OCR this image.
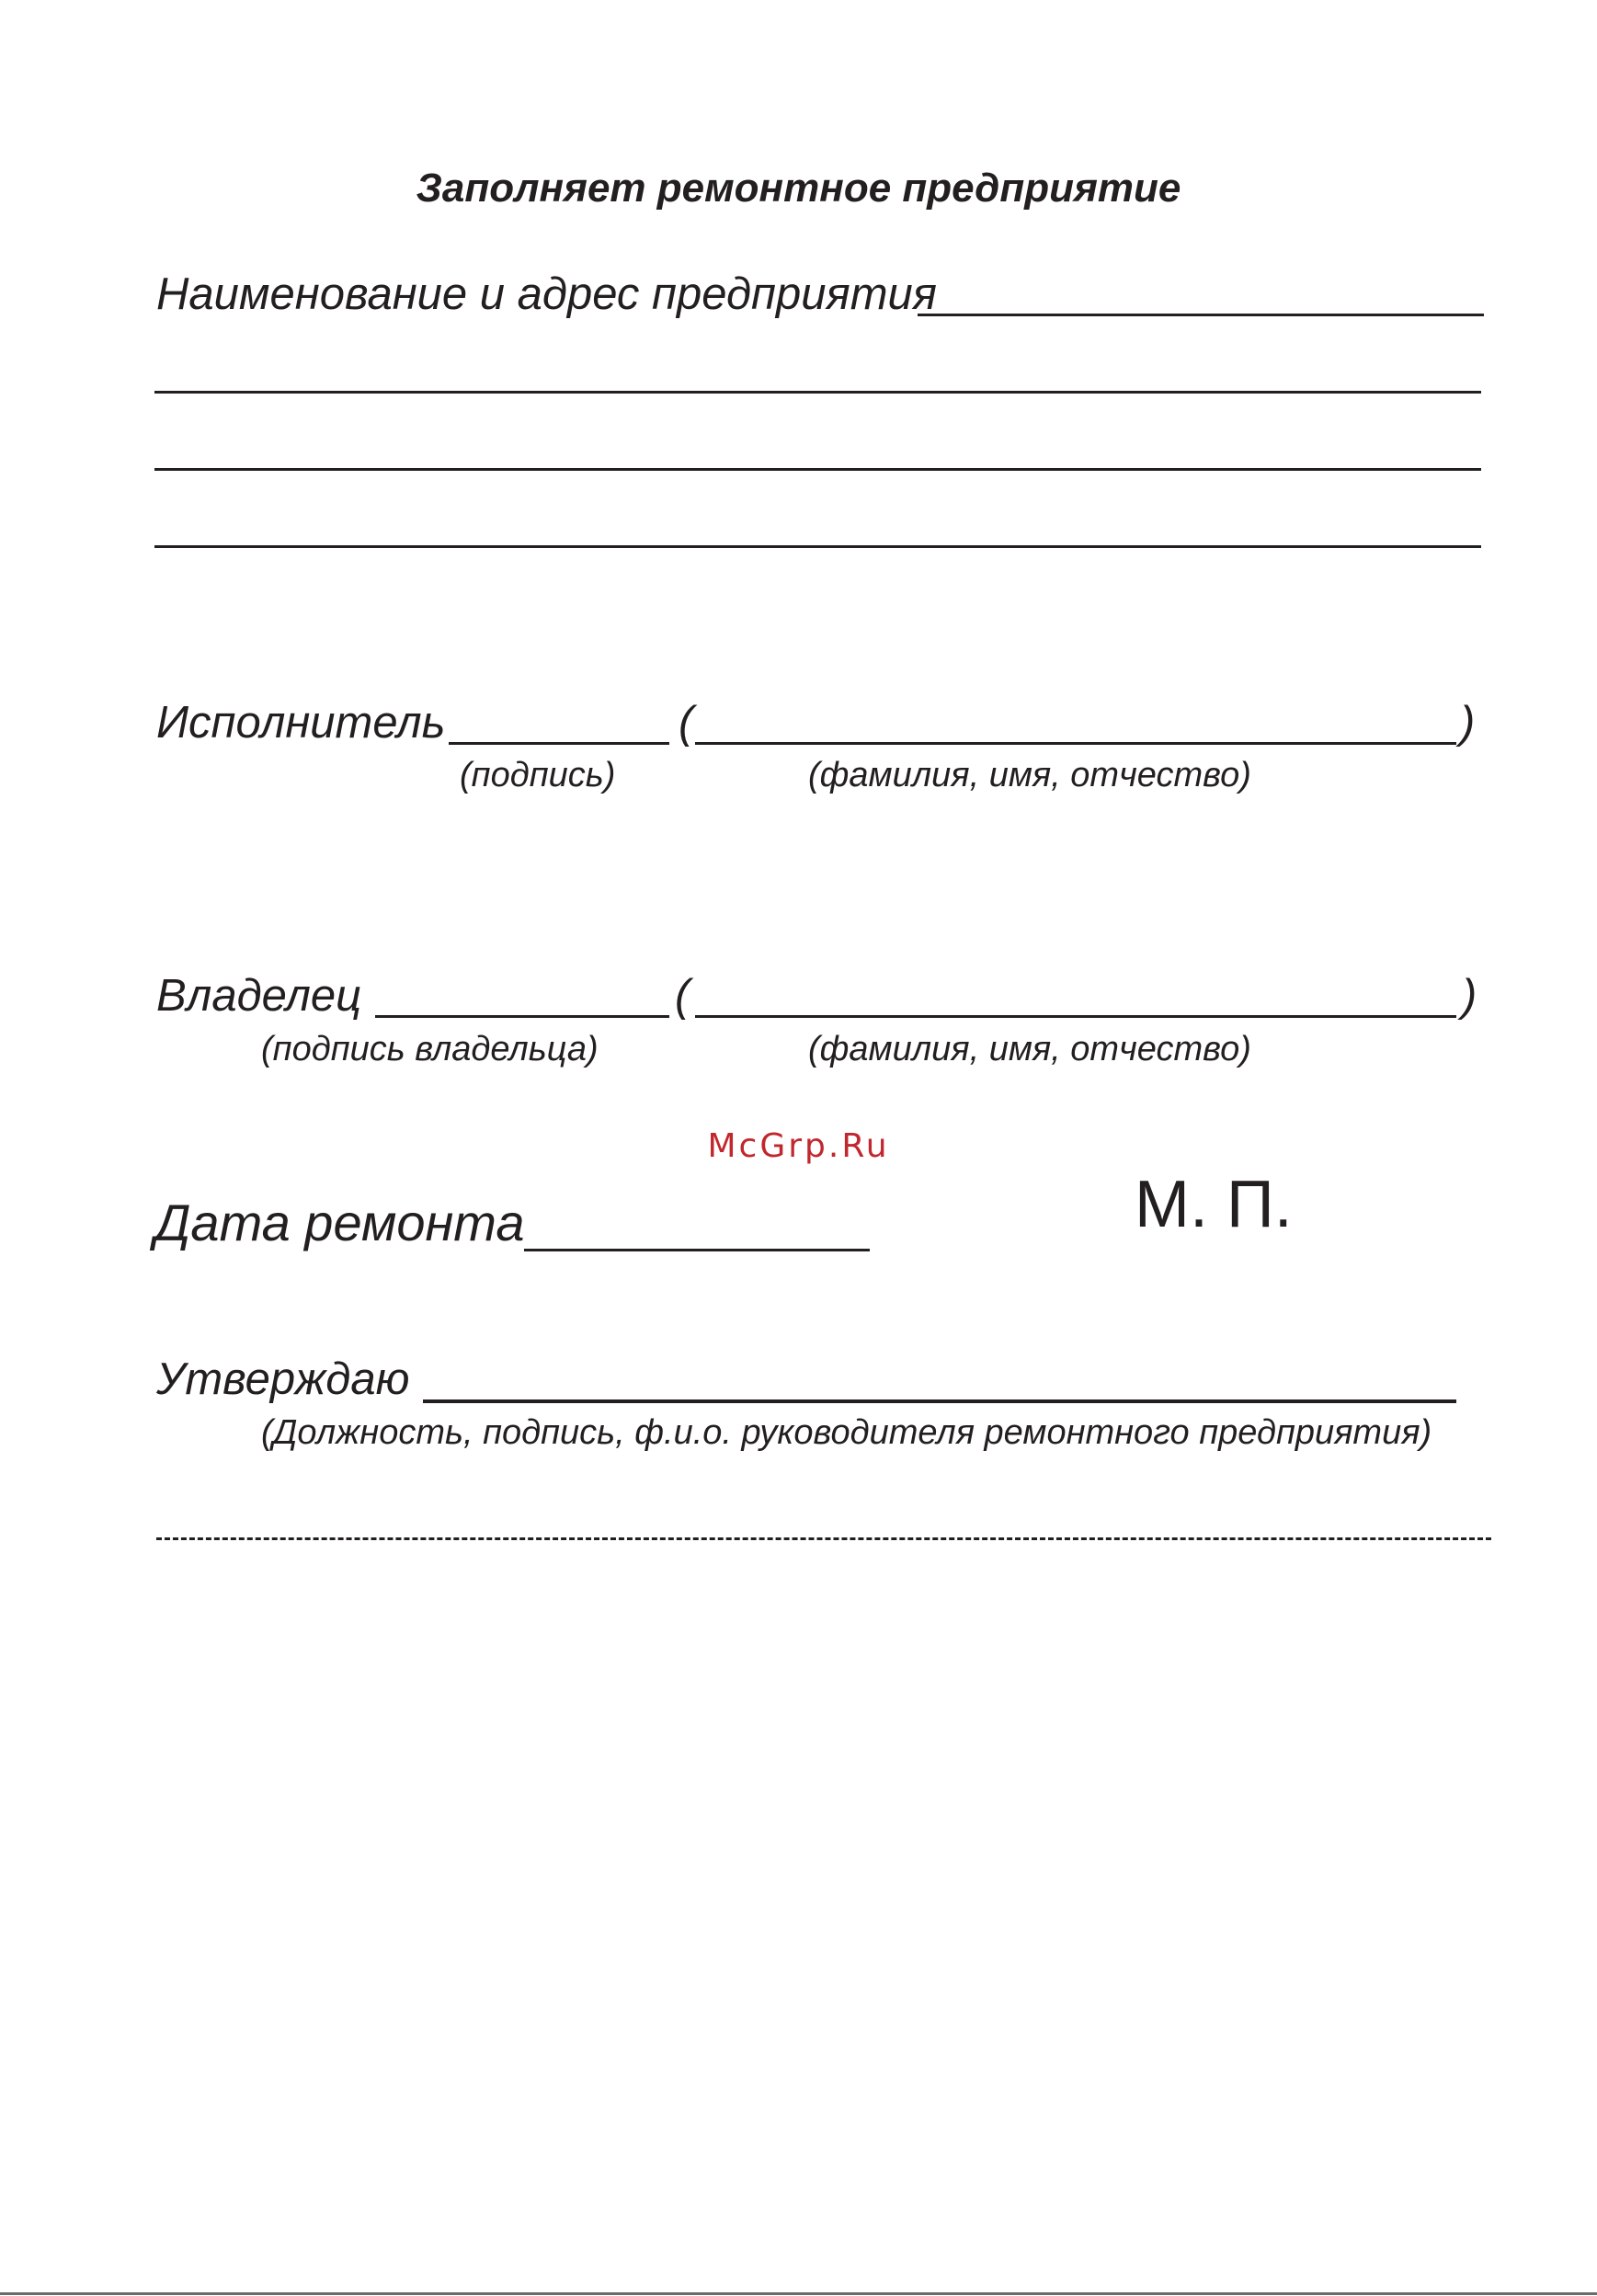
Заполняет ремонтное предприятие
Наименование и адрес предприятия
Исполнитель	(	)
(подпись)	(фамилия, имя, отчество)
Владелец	(	)
(подпись владельца)	(фамилия, имя, отчество)
McGrp.Ru
Дата ремонта	М. П.
Утверждаю
(Должность, подпись, ф.и.о. руководителя ремонтного предприятия)
